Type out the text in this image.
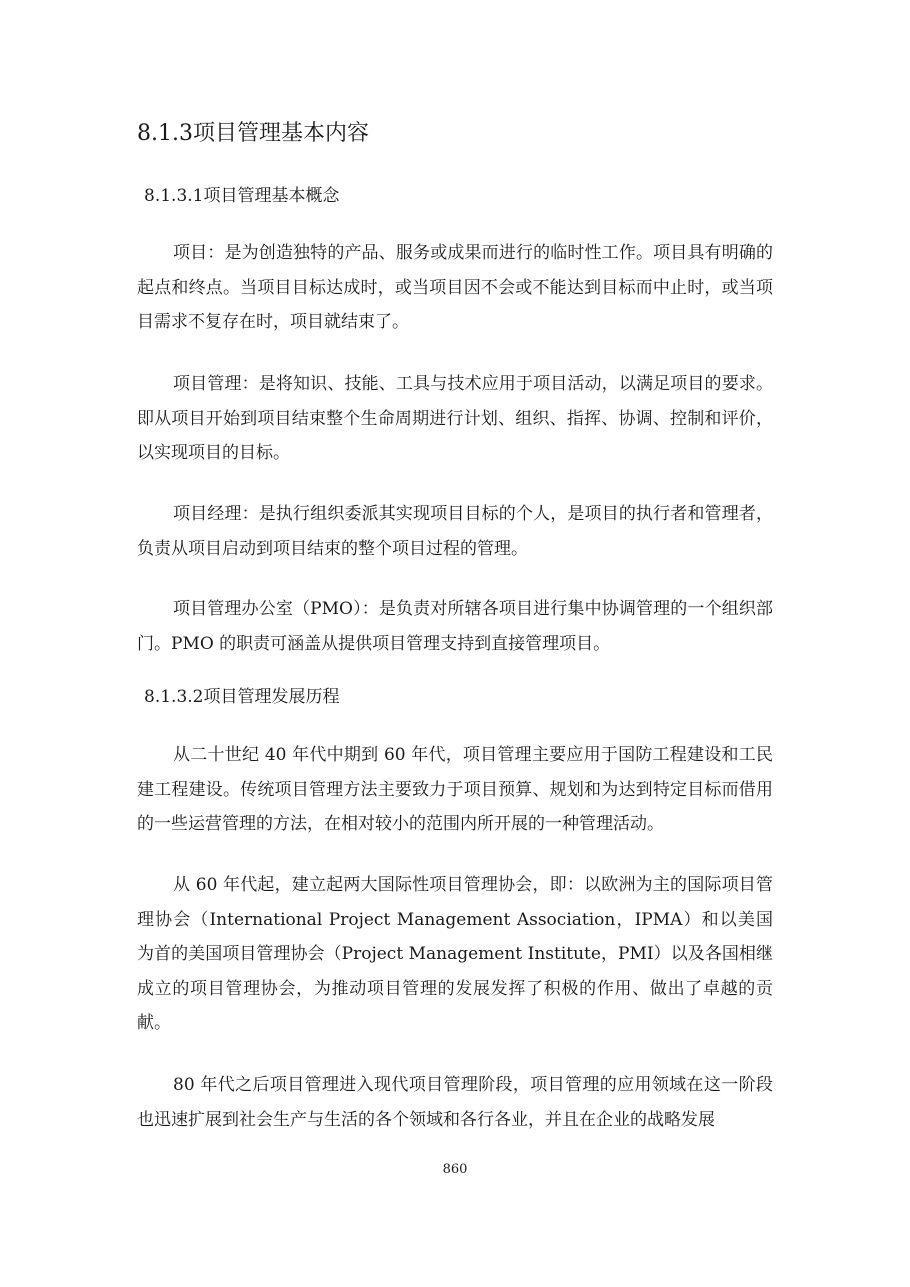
8.1.3项目管理基本内容
8.1.3.1项目管理基本概念

项目：是为创造独特的产品、服务或成果而进行的临时性工作。项目具有明确的起点和终点。当项目目标达成时，或当项目因不会或不能达到目标而中止时，或当项目需求不复存在时，项目就结束了。

项目管理：是将知识、技能、工具与技术应用于项目活动，以满足项目的要求。即从项目开始到项目结束整个生命周期进行计划、组织、指挥、协调、控制和评价，以实现项目的目标。

项目经理：是执行组织委派其实现项目目标的个人，是项目的执行者和管理者，负责从项目启动到项目结束的整个项目过程的管理。

项目管理办公室（PMO）：是负责对所辖各项目进行集中协调管理的一个组织部门。PMO 的职责可涵盖从提供项目管理支持到直接管理项目。

8.1.3.2项目管理发展历程

从二十世纪 40 年代中期到 60 年代，项目管理主要应用于国防工程建设和工民建工程建设。传统项目管理方法主要致力于项目预算、规划和为达到特定目标而借用的一些运营管理的方法，在相对较小的范围内所开展的一种管理活动。

从 60 年代起，建立起两大国际性项目管理协会，即：以欧洲为主的国际项目管理协会（International Project Management Association，IPMA）和以美国为首的美国项目管理协会（Project Management Institute，PMI）以及各国相继成立的项目管理协会，为推动项目管理的发展发挥了积极的作用、做出了卓越的贡献。

80 年代之后项目管理进入现代项目管理阶段，项目管理的应用领域在这一阶段也迅速扩展到社会生产与生活的各个领域和各行各业，并且在企业的战略发展

860
